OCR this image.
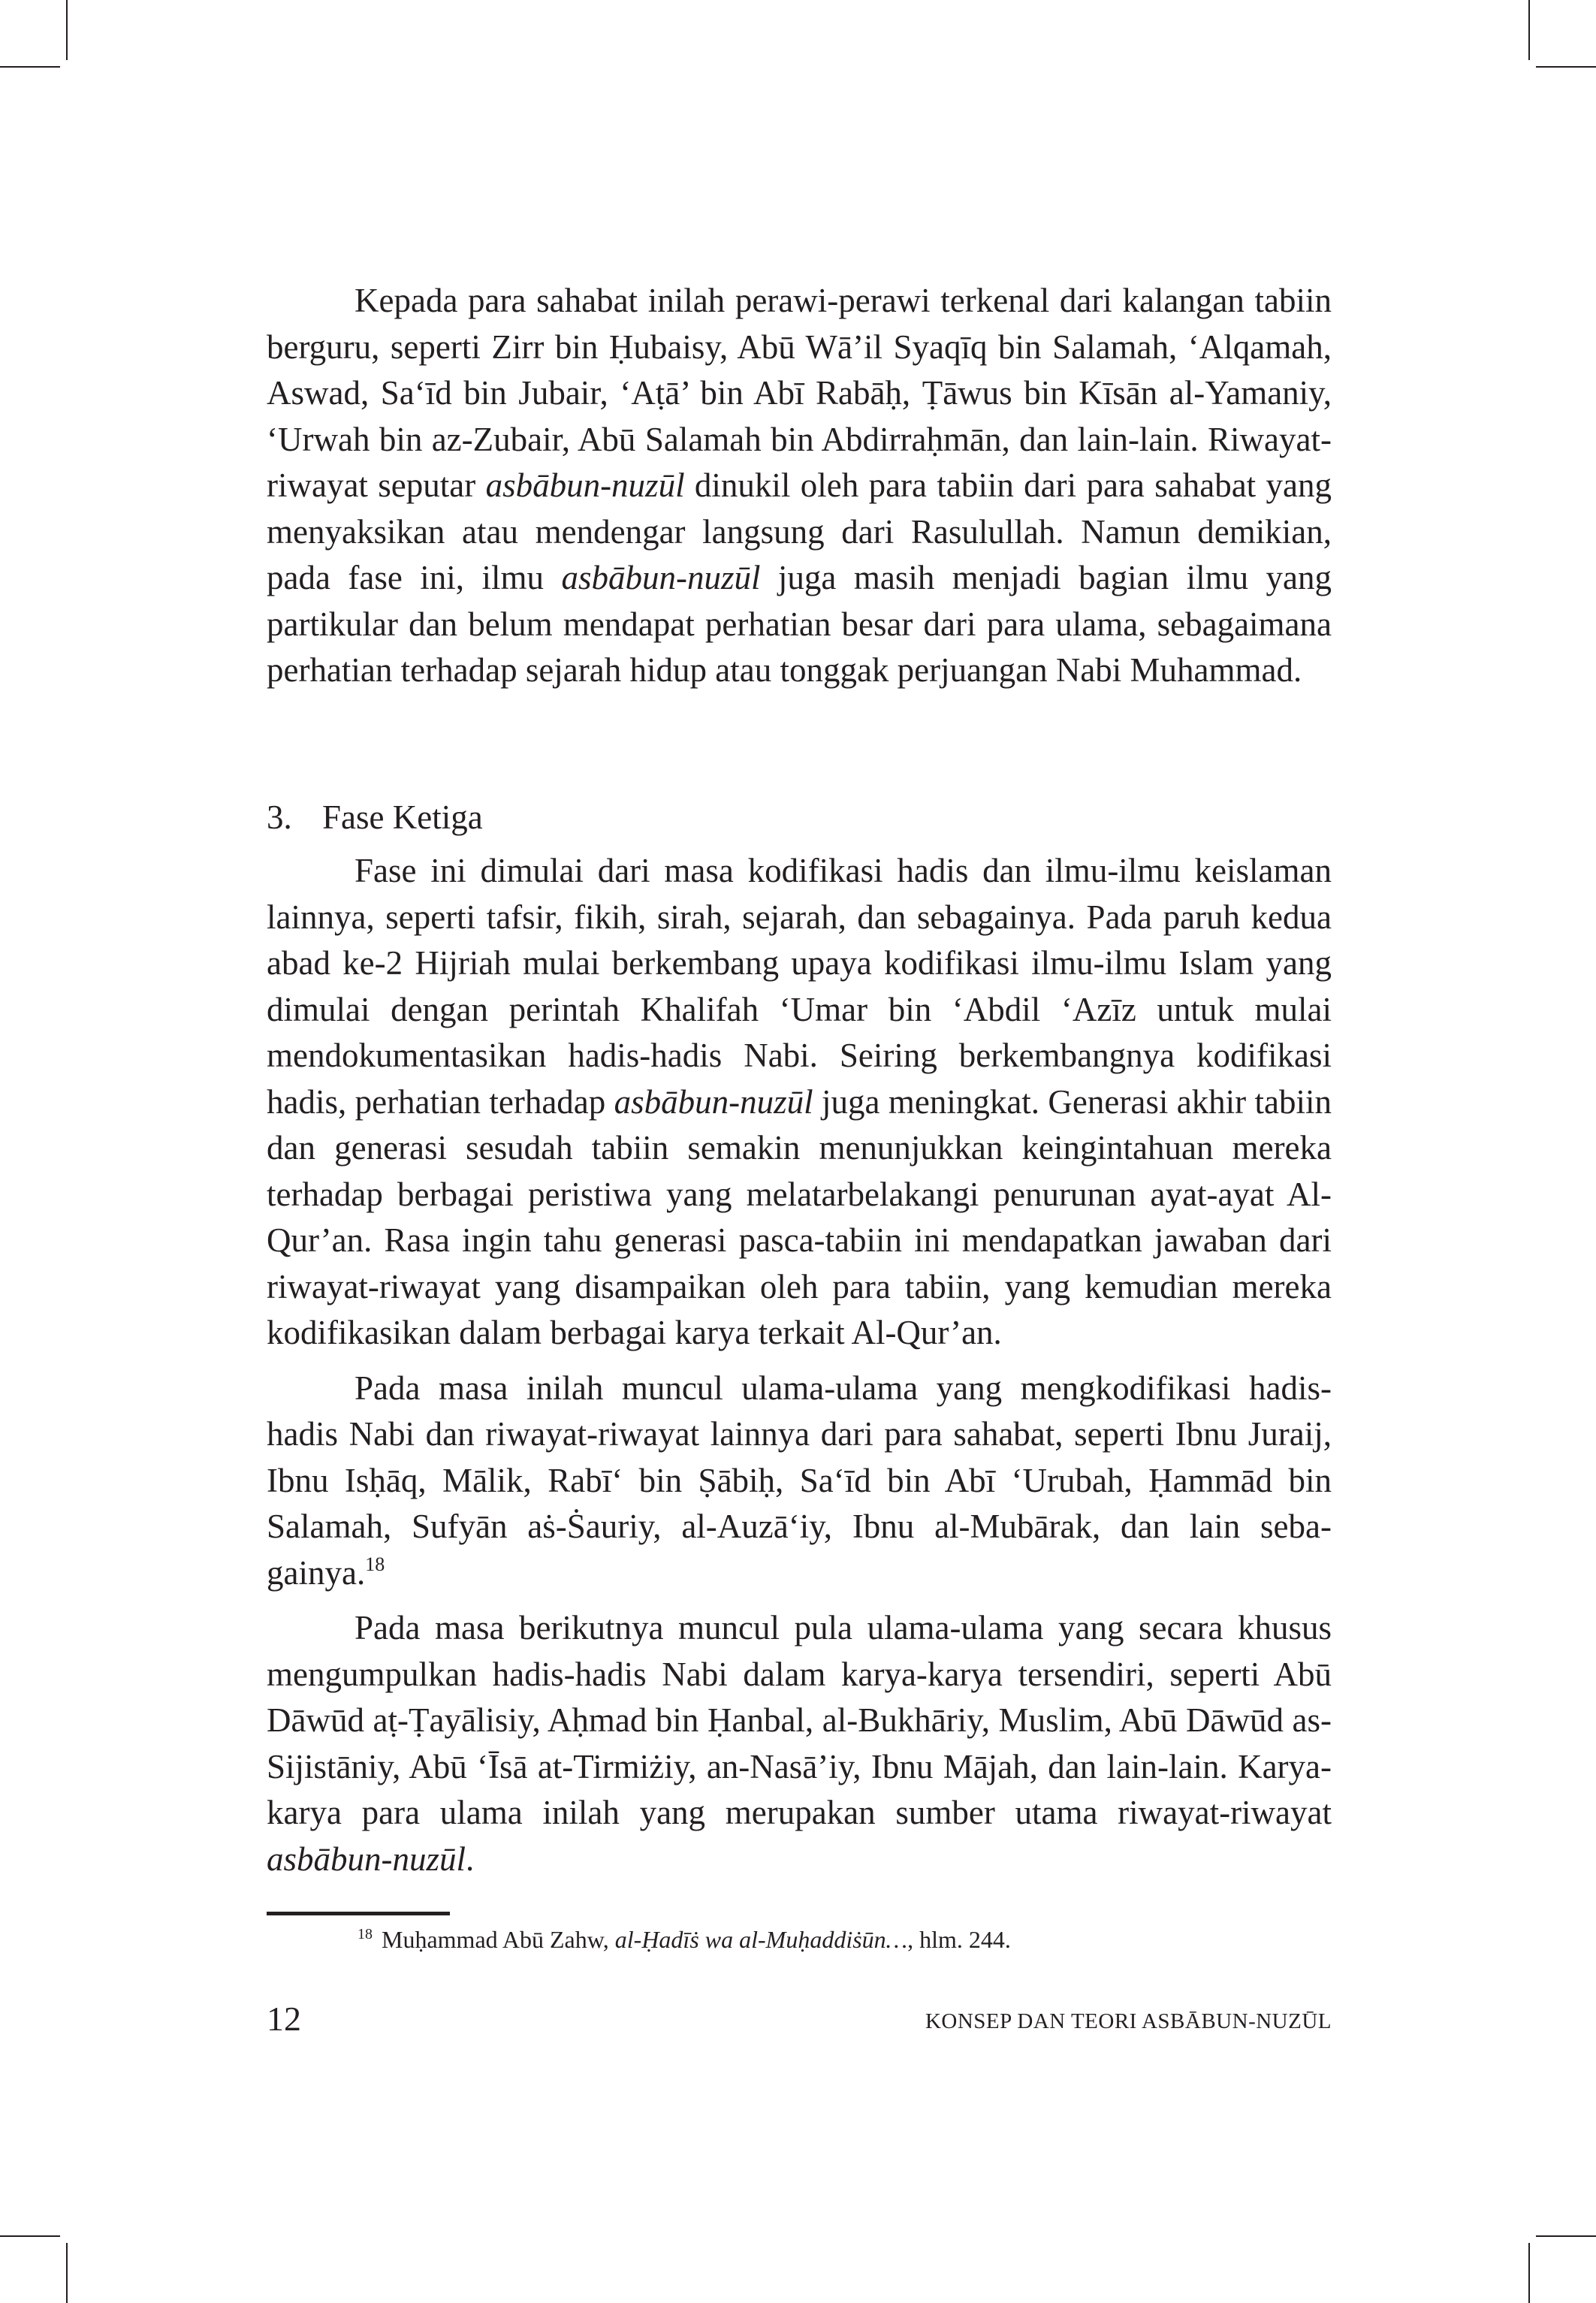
Kepada para sahabat inilah perawi-perawi terkenal dari kalangan tabiin berguru, seperti Zirr bin Ḥubaisy, Abū Wā’il Syaqīq bin Salamah, ‘Alqamah, Aswad, Sa‘īd bin Jubair, ‘Aṭā’ bin Abī Rabāḥ, Ṭāwus bin Kīsān al-Yamaniy, ‘Urwah bin az-Zubair, Abū Salamah bin Abdirraḥmān, dan lain-lain. Riwayat-riwayat seputar asbābun-nuzūl dinukil oleh para tabiin dari para sahabat yang menyaksikan atau mendengar langsung dari Rasulullah. Namun demikian, pada fase ini, ilmu asbābun-nuzūl juga masih menjadi bagian ilmu yang partikular dan belum mendapat perhatian besar dari para ulama, sebagaimana perhatian terhadap sejarah hidup atau tonggak perjuangan Nabi Muhammad.

3. Fase Ketiga

Fase ini dimulai dari masa kodifikasi hadis dan ilmu-ilmu keislaman lainnya, seperti tafsir, fikih, sirah, sejarah, dan sebagainya. Pada paruh kedua abad ke-2 Hijriah mulai berkembang upaya kodifikasi ilmu-ilmu Islam yang dimulai dengan perintah Khalifah ‘Umar bin ‘Abdil ‘Azīz untuk mulai mendokumentasikan hadis-hadis Nabi. Seiring berkembangnya kodifikasi hadis, perhatian terhadap asbābun-nuzūl juga meningkat. Generasi akhir tabiin dan generasi sesudah tabiin semakin menunjukkan keingintahuan mereka terhadap berbagai peristiwa yang melatarbelakangi penurunan ayat-ayat Al-Qur’an. Rasa ingin tahu generasi pasca-tabiin ini mendapatkan jawaban dari riwayat-riwayat yang disampaikan oleh para tabiin, yang kemudian mereka kodifikasikan dalam berbagai karya terkait Al-Qur’an.

Pada masa inilah muncul ulama-ulama yang mengkodifikasi hadis-hadis Nabi dan riwayat-riwayat lainnya dari para sahabat, seperti Ibnu Juraij, Ibnu Isḥāq, Mālik, Rabī‘ bin Ṣābiḥ, Sa‘īd bin Abī ‘Urubah, Ḥammād bin Salamah, Sufyān aṡ-Ṡauriy, al-Auzā‘iy, Ibnu al-Mubārak, dan lain sebagainya.$^{18}$

Pada masa berikutnya muncul pula ulama-ulama yang secara khusus mengumpulkan hadis-hadis Nabi dalam karya-karya tersendiri, seperti Abū Dāwūd aṭ-Ṭayālisiy, Aḥmad bin Ḥanbal, al-Bukhāriy, Muslim, Abū Dāwūd as-Sijistāniy, Abū ‘Īsā at-Tirmiżiy, an-Nasā’iy, Ibnu Mājah, dan lain-lain. Karya-karya para ulama inilah yang merupakan sumber utama riwayat-riwayat asbābun-nuzūl.

$^{18}$ Muḥammad Abū Zahw, al-Ḥadīṡ wa al-Muḥaddiṡūn…, hlm. 244.

12	KONSEP DAN TEORI ASBĀBUN-NUZŪL
